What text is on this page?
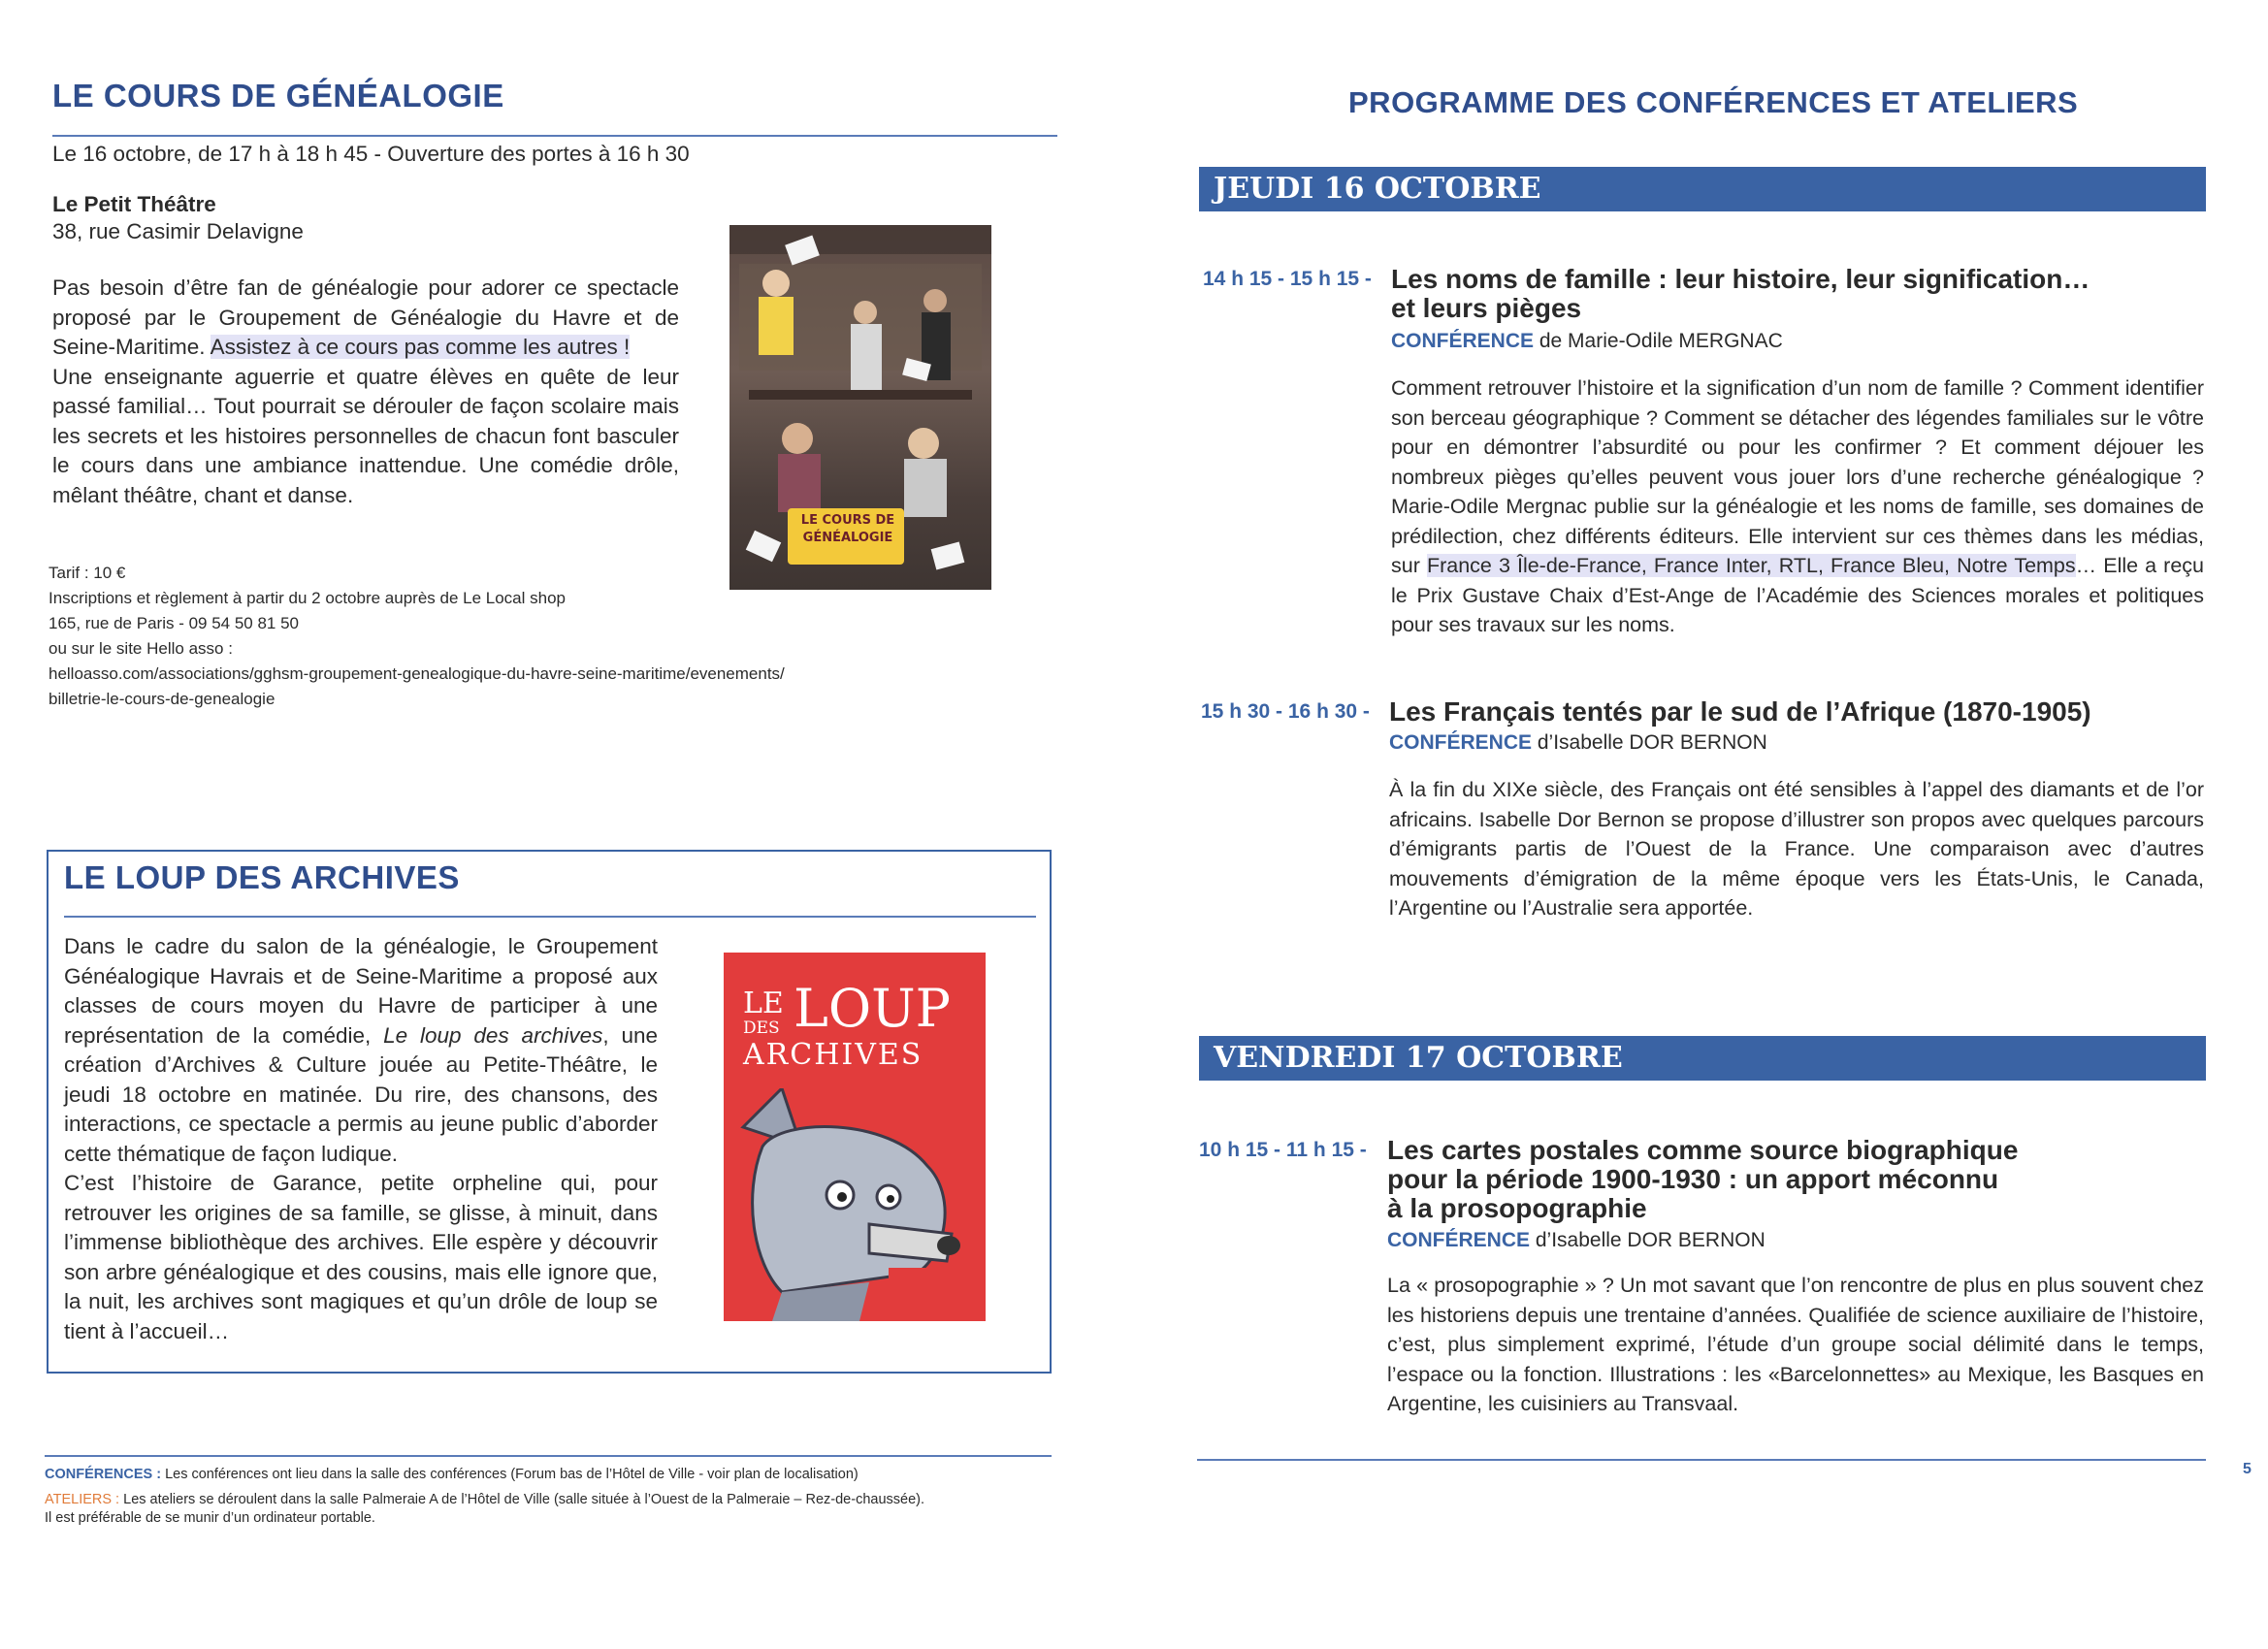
LE COURS DE GÉNÉALOGIE
Le 16 octobre, de 17 h à 18 h 45 - Ouverture des portes à 16 h 30
Le Petit Théâtre
38, rue Casimir Delavigne
Pas besoin d’être fan de généalogie pour adorer ce spectacle proposé par le Groupement de Généalogie du Havre et de Seine-Maritime. Assistez à ce cours pas comme les autres !
Une enseignante aguerrie et quatre élèves en quête de leur passé familial… Tout pourrait se dérouler de façon scolaire mais les secrets et les histoires personnelles de chacun font basculer le cours dans une ambiance inattendue. Une comédie drôle, mêlant théâtre, chant et danse.
LE COURS DE GÉNÉALOGIE
Tarif : 10 €
Inscriptions et règlement à partir du 2 octobre auprès de Le Local shop
165, rue de Paris - 09 54 50 81 50
ou sur le site Hello asso :
helloasso.com/associations/gghsm-groupement-genealogique-du-havre-seine-maritime/evenements/
billetrie-le-cours-de-genealogie
LE LOUP DES ARCHIVES
Dans le cadre du salon de la généalogie, le Groupement Généalogique Havrais et de Seine-Maritime a proposé aux classes de cours moyen du Havre de participer à une représentation de la comédie, Le loup des archives, une création d’Archives & Culture jouée au Petite-Théâtre, le jeudi 18 octobre en matinée. Du rire, des chansons, des interactions, ce spectacle a permis au jeune public d’aborder cette thématique de façon ludique.
C’est l’histoire de Garance, petite orpheline qui, pour retrouver les origines de sa famille, se glisse, à minuit, dans l’immense bibliothèque des archives. Elle espère y découvrir son arbre généalogique et des cousins, mais elle ignore que, la nuit, les archives sont magiques et qu’un drôle de loup se tient à l’accueil…
LE
DES LOUP
ARCHIVES
CONFÉRENCES : Les conférences ont lieu dans la salle des conférences (Forum bas de l’Hôtel de Ville - voir plan de localisation)
ATELIERS : Les ateliers se déroulent dans la salle Palmeraie A de l’Hôtel de Ville (salle située à l’Ouest de la Palmeraie – Rez-de-chaussée).
Il est préférable de se munir d’un ordinateur portable.
PROGRAMME DES CONFÉRENCES ET ATELIERS
JEUDI 16 OCTOBRE
14 h 15 - 15 h 15 - Les noms de famille : leur histoire, leur signification…
et leurs pièges
CONFÉRENCE de Marie-Odile MERGNAC
Comment retrouver l’histoire et la signification d’un nom de famille ? Comment identifier son berceau géographique ? Comment se détacher des légendes familiales sur le vôtre pour en démontrer l’absurdité ou pour les confirmer ? Et comment déjouer les nombreux pièges qu’elles peuvent vous jouer lors d’une recherche généalogique ? Marie-Odile Mergnac publie sur la généalogie et les noms de famille, ses domaines de prédilection, chez différents éditeurs. Elle intervient sur ces thèmes dans les médias, sur France 3 Île-de-France, France Inter, RTL, France Bleu, Notre Temps… Elle a reçu le Prix Gustave Chaix d’Est-Ange de l’Académie des Sciences morales et politiques pour ses travaux sur les noms.
15 h 30 - 16 h 30 - Les Français tentés par le sud de l’Afrique (1870-1905)
CONFÉRENCE d’Isabelle DOR BERNON
À la fin du XIXe siècle, des Français ont été sensibles à l’appel des diamants et de l’or africains. Isabelle Dor Bernon se propose d’illustrer son propos avec quelques parcours d’émigrants partis de l’Ouest de la France. Une comparaison avec d’autres mouvements d’émigration de la même époque vers les États-Unis, le Canada, l’Argentine ou l’Australie sera apportée.
VENDREDI 17 OCTOBRE
10 h 15 - 11 h 15 - Les cartes postales comme source biographique
pour la période 1900-1930 : un apport méconnu
à la prosopographie
CONFÉRENCE d’Isabelle DOR BERNON
La « prosopographie » ? Un mot savant que l’on rencontre de plus en plus souvent chez les historiens depuis une trentaine d’années. Qualifiée de science auxiliaire de l’histoire, c’est, plus simplement exprimé, l’étude d’un groupe social délimité dans le temps, l’espace ou la fonction. Illustrations : les «Barcelonnettes» au Mexique, les Basques en Argentine, les cuisiniers au Transvaal.
5
